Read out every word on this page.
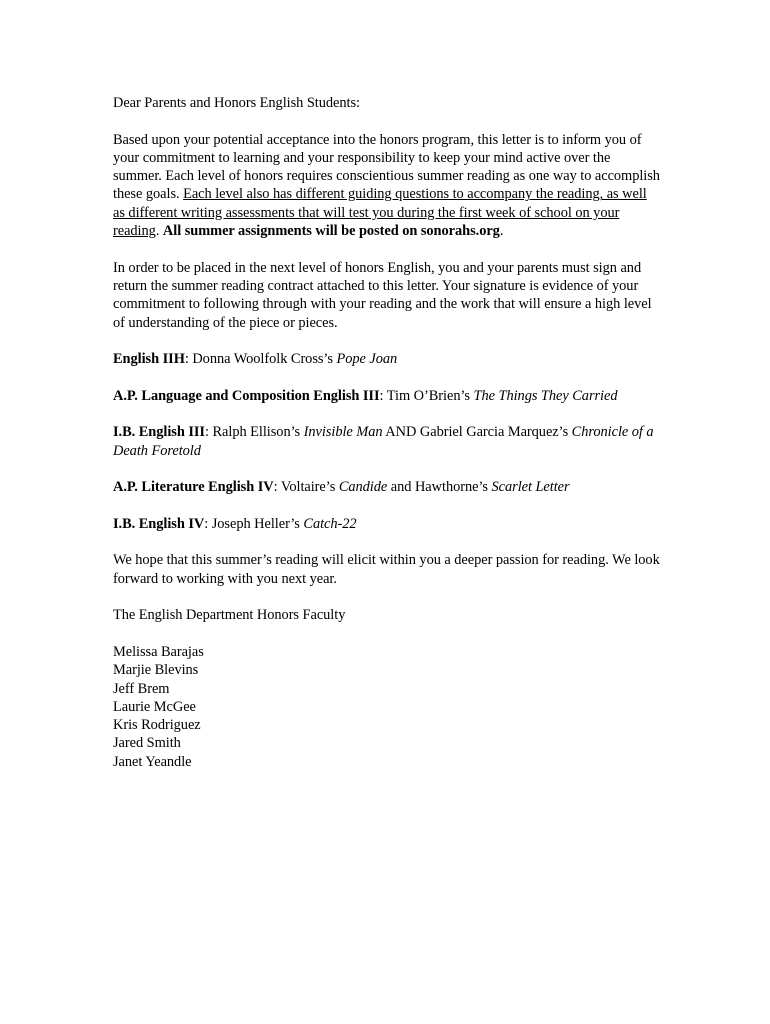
Dear Parents and Honors English Students:

Based upon your potential acceptance into the honors program, this letter is to inform you of your commitment to learning and your responsibility to keep your mind active over the summer. Each level of honors requires conscientious summer reading as one way to accomplish these goals. Each level also has different guiding questions to accompany the reading, as well as different writing assessments that will test you during the first week of school on your reading. All summer assignments will be posted on sonorahs.org.

In order to be placed in the next level of honors English, you and your parents must sign and return the summer reading contract attached to this letter. Your signature is evidence of your commitment to following through with your reading and the work that will ensure a high level of understanding of the piece or pieces.

English IIH: Donna Woolfolk Cross’s Pope Joan

A.P. Language and Composition English III: Tim O’Brien’s The Things They Carried

I.B. English III: Ralph Ellison’s Invisible Man AND Gabriel Garcia Marquez’s Chronicle of a Death Foretold

A.P. Literature English IV: Voltaire’s Candide and Hawthorne’s Scarlet Letter

I.B. English IV: Joseph Heller’s Catch-22

We hope that this summer’s reading will elicit within you a deeper passion for reading. We look forward to working with you next year.

The English Department Honors Faculty

Melissa Barajas

Marjie Blevins

Jeff Brem

Laurie McGee

Kris Rodriguez

Jared Smith

Janet Yeandle
